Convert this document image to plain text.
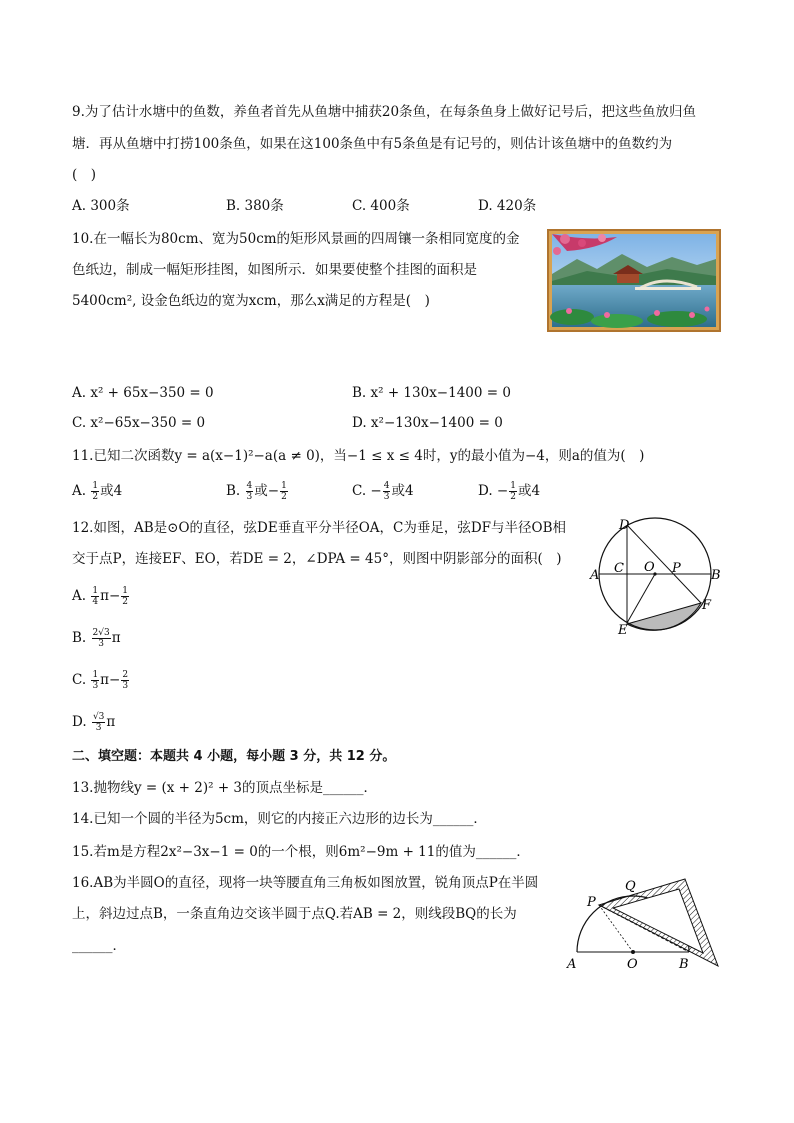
9.为了估计水塘中的鱼数，养鱼者首先从鱼塘中捕获20条鱼，在每条鱼身上做好记号后，把这些鱼放归鱼
塘．再从鱼塘中打捞100条鱼，如果在这100条鱼中有5条鱼是有记号的，则估计该鱼塘中的鱼数约为
(　)
A. 300条	B. 380条	C. 400条	D. 420条
10.在一幅长为80cm、宽为50cm的矩形风景画的四周镶一条相同宽度的金
色纸边，制成一幅矩形挂图，如图所示．如果要使整个挂图的面积是
5400cm², 设金色纸边的宽为xcm，那么x满足的方程是(　)
A. x² + 65x−350 = 0	B. x² + 130x−1400 = 0
C. x²−65x−350 = 0	D. x²−130x−1400 = 0
11.已知二次函数y = a(x−1)²−a(a ≠ 0)，当−1 ≤ x ≤ 4时，y的最小值为−4，则a的值为(　)
A. $\frac{1}{2}$ 或4	B. $\frac{4}{3}$ 或− $\frac{1}{2}$	C. − $\frac{4}{3}$ 或4	D. − $\frac{1}{2}$ 或4
12.如图，AB是⊙O的直径，弦DE垂直平分半径OA，C为垂足，弦DF与半径OB相
交于点P，连接EF、EO，若DE = 2，∠DPA = 45°，则图中阴影部分的面积(　)
A. $\frac{1}{4} \pi- \frac{1}{2}$
B. $\frac{2√3}{3}$ π
C. $\frac{1}{3} \pi- \frac{2}{3}$
D. $\frac{√3}{3}$ π
D
A C O P B
F
E
二、填空题：本题共 4 小题，每小题 3 分，共 12 分。
13.抛物线y = (x + 2)² + 3的顶点坐标是______．
14.已知一个圆的半径为5cm，则它的内接正六边形的边长为______．
15.若m是方程2x²−3x−1 = 0的一个根，则6m²−9m + 11的值为______．
16.AB为半圆O的直径，现将一块等腰直角三角板如图放置，锐角顶点P在半圆
上，斜边过点B，一条直角边交该半圆于点Q.若AB = 2，则线段BQ的长为
______．
P
Q
A	O	B
